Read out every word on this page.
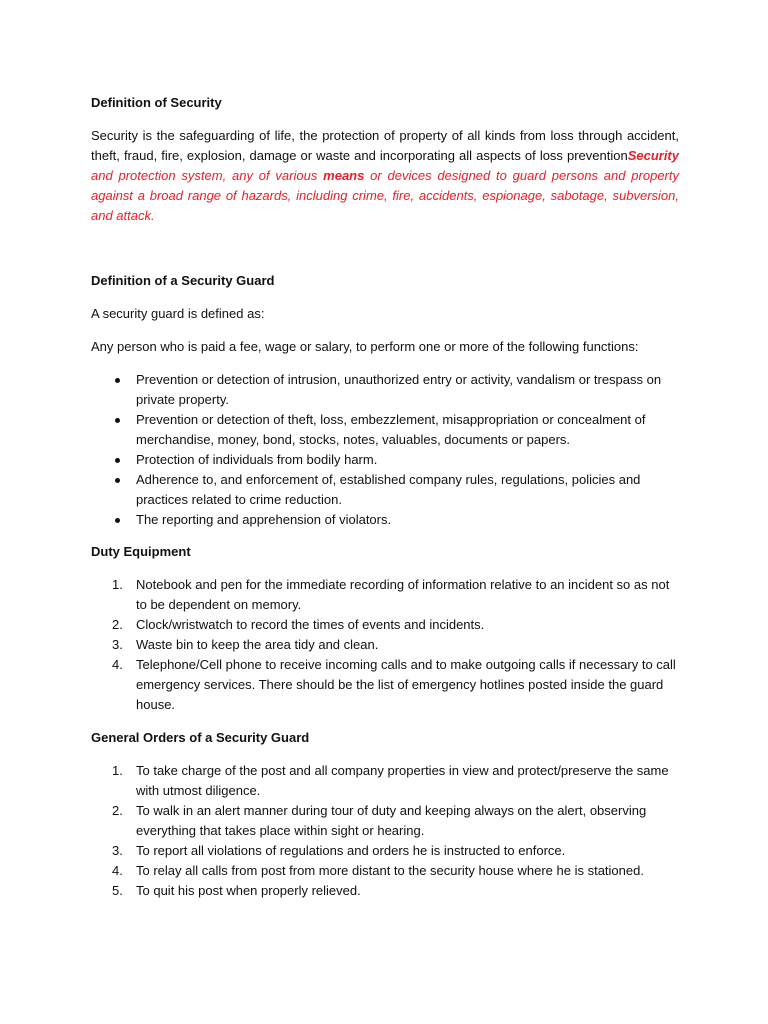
Definition of Security

Security is the safeguarding of life, the protection of property of all kinds from loss through accident, theft, fraud, fire, explosion, damage or waste and incorporating all aspects of loss preventionSecurity and protection system, any of various means or devices designed to guard persons and property against a broad range of hazards, including crime, fire, accidents, espionage, sabotage, subversion, and attack.

Definition of a Security Guard

A security guard is defined as:

Any person who is paid a fee, wage or salary, to perform one or more of the following functions:

Prevention or detection of intrusion, unauthorized entry or activity, vandalism or trespass on private property.
Prevention or detection of theft, loss, embezzlement, misappropriation or concealment of merchandise, money, bond, stocks, notes, valuables, documents or papers.
Protection of individuals from bodily harm.
Adherence to, and enforcement of, established company rules, regulations, policies and practices related to crime reduction.
The reporting and apprehension of violators.

Duty Equipment

1.	Notebook and pen for the immediate recording of information relative to an incident so as not to be dependent on memory.
2.	Clock/wristwatch to record the times of events and incidents.
3.	Waste bin to keep the area tidy and clean.
4.	Telephone/Cell phone to receive incoming calls and to make outgoing calls if necessary to call emergency services. There should be the list of emergency hotlines posted inside the guard house.

General Orders of a Security Guard

1.	To take charge of the post and all company properties in view and protect/preserve the same with utmost diligence.
2.	To walk in an alert manner during tour of duty and keeping always on the alert, observing everything that takes place within sight or hearing.
3.	To report all violations of regulations and orders he is instructed to enforce.
4.	To relay all calls from post from more distant to the security house where he is stationed.
5.	To quit his post when properly relieved.
